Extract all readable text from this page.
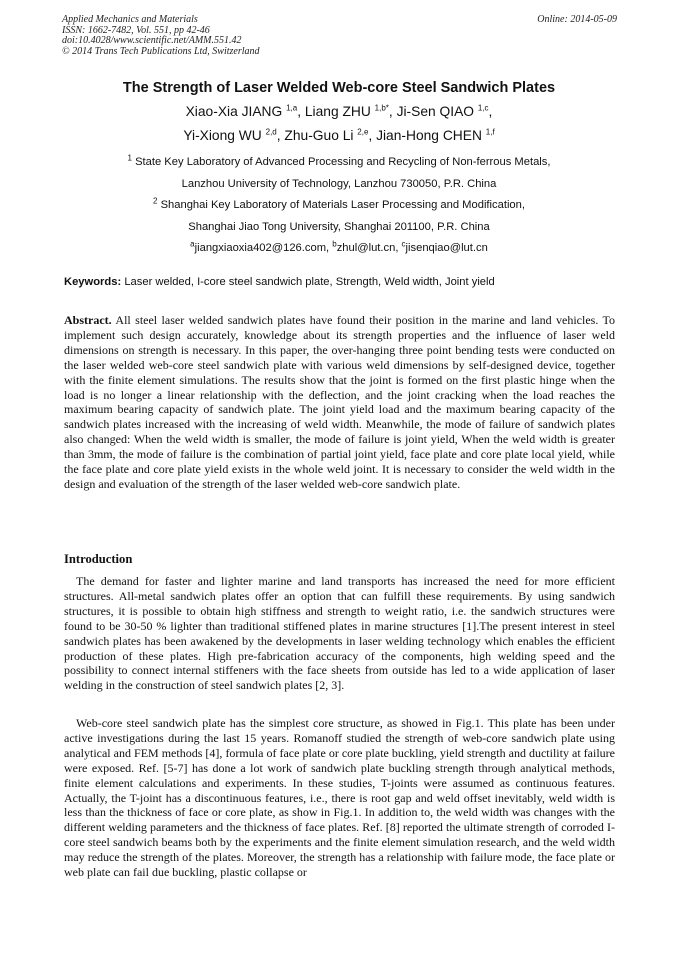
Applied Mechanics and Materials
ISSN: 1662-7482, Vol. 551, pp 42-46
doi:10.4028/www.scientific.net/AMM.551.42
© 2014 Trans Tech Publications Ltd, Switzerland
Online: 2014-05-09
The Strength of Laser Welded Web-core Steel Sandwich Plates
Xiao-Xia JIANG $^{1,a}$, Liang ZHU $^{1,b*}$, Ji-Sen QIAO $^{1,c}$,
Yi-Xiong WU $^{2,d}$, Zhu-Guo Li $^{2,e}$, Jian-Hong CHEN $^{1,f}$
$^1$ State Key Laboratory of Advanced Processing and Recycling of Non-ferrous Metals,
Lanzhou University of Technology, Lanzhou 730050, P.R. China
$^2$ Shanghai Key Laboratory of Materials Laser Processing and Modification,
Shanghai Jiao Tong University, Shanghai 201100, P.R. China
$^a$jiangxiaoxia402@126.com, $^b$zhul@lut.cn, $^c$jisenqiao@lut.cn
Keywords: Laser welded, I-core steel sandwich plate, Strength, Weld width, Joint yield
Abstract. All steel laser welded sandwich plates have found their position in the marine and land vehicles. To implement such design accurately, knowledge about its strength properties and the influence of laser weld dimensions on strength is necessary. In this paper, the over-hanging three point bending tests were conducted on the laser welded web-core steel sandwich plate with various weld dimensions by self-designed device, together with the finite element simulations. The results show that the joint is formed on the first plastic hinge when the load is no longer a linear relationship with the deflection, and the joint cracking when the load reaches the maximum bearing capacity of sandwich plate. The joint yield load and the maximum bearing capacity of the sandwich plates increased with the increasing of weld width. Meanwhile, the mode of failure of sandwich plates also changed: When the weld width is smaller, the mode of failure is joint yield, When the weld width is greater than 3mm, the mode of failure is the combination of partial joint yield, face plate and core plate local yield, while the face plate and core plate yield exists in the whole weld joint. It is necessary to consider the weld width in the design and evaluation of the strength of the laser welded web-core sandwich plate.
Introduction
The demand for faster and lighter marine and land transports has increased the need for more efficient structures. All-metal sandwich plates offer an option that can fulfill these requirements. By using sandwich structures, it is possible to obtain high stiffness and strength to weight ratio, i.e. the sandwich structures were found to be 30-50 % lighter than traditional stiffened plates in marine structures [1].The present interest in steel sandwich plates has been awakened by the developments in laser welding technology which enables the efficient production of these plates. High pre-fabrication accuracy of the components, high welding speed and the possibility to connect internal stiffeners with the face sheets from outside has led to a wide application of laser welding in the construction of steel sandwich plates [2, 3].
Web-core steel sandwich plate has the simplest core structure, as showed in Fig.1. This plate has been under active investigations during the last 15 years. Romanoff studied the strength of web-core sandwich plate using analytical and FEM methods [4], formula of face plate or core plate buckling, yield strength and ductility at failure were exposed. Ref. [5-7] has done a lot work of sandwich plate buckling strength through analytical methods, finite element calculations and experiments. In these studies, T-joints were assumed as continuous features. Actually, the T-joint has a discontinuous features, i.e., there is root gap and weld offset inevitably, weld width is less than the thickness of face or core plate, as show in Fig.1. In addition to, the weld width was changes with the different welding parameters and the thickness of face plates. Ref. [8] reported the ultimate strength of corroded I-core steel sandwich beams both by the experiments and the finite element simulation research, and the weld width may reduce the strength of the plates. Moreover, the strength has a relationship with failure mode, the face plate or web plate can fail due buckling, plastic collapse or
